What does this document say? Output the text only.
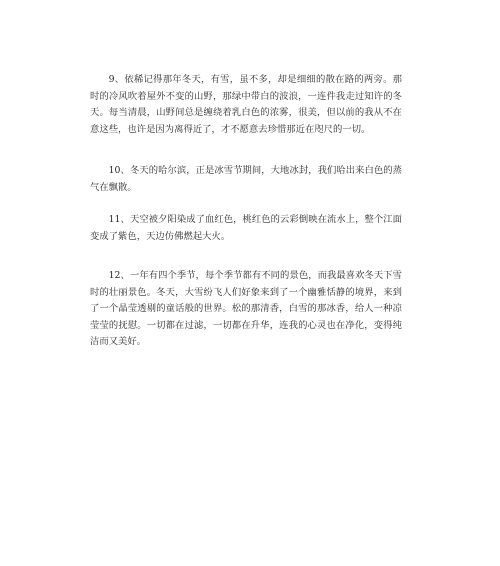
9、依稀记得那年冬天，有雪，虽不多，却是细细的散在路的两旁。那时的冷风吹着屋外不变的山野，那绿中带白的波浪，一连件我走过知许的冬天。每当清晨，山野间总是缠绕着乳白色的浓雾，很美，但以前的我从不在意这些，也许是因为离得近了，才不愿意去珍惜那近在咫尺的一切。

10、冬天的哈尔滨，正是冰雪节期间，大地冰封，我们哈出来白色的蒸气在飘散。

11、天空被夕阳染成了血红色，桃红色的云彩倒映在流水上，整个江面变成了紫色，天边仿佛燃起大火。

12、一年有四个季节，每个季节都有不同的景色，而我最喜欢冬天下雪时的壮丽景色。冬天，大雪纷飞人们好象来到了一个幽雅恬静的境界，来到了一个晶莹透剔的童话般的世界。松的那清香，白雪的那冰香，给人一种凉莹莹的抚慰。一切都在过滤，一切都在升华，连我的心灵也在净化，变得纯洁而又美好。
